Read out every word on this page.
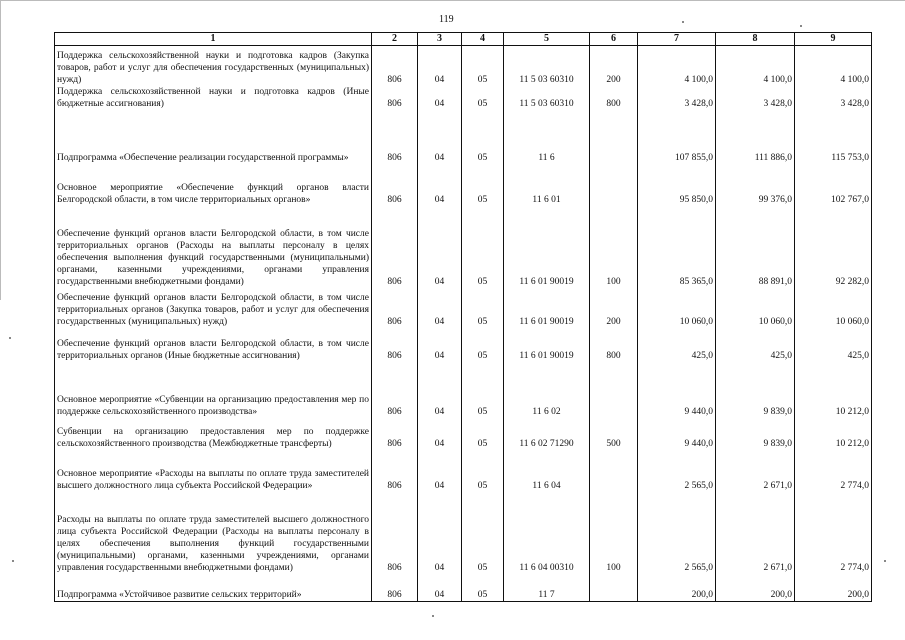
119
1	2	3	4	5	6	7	8	9
Поддержка сельскохозяйственной науки и подготовка кадров (Закупка товаров, работ и услуг для обеспечения государственных (муниципальных) нужд)	806	04	05	11 5 03 60310	200	4 100,0	4 100,0	4 100,0
Поддержка сельскохозяйственной науки и подготовка кадров (Иные бюджетные ассигнования)	806	04	05	11 5 03 60310	800	3 428,0	3 428,0	3 428,0
Подпрограмма «Обеспечение реализации государственной программы»	806	04	05	11 6		107 855,0	111 886,0	115 753,0
Основное мероприятие «Обеспечение функций органов власти Белгородской области, в том числе территориальных органов»	806	04	05	11 6 01		95 850,0	99 376,0	102 767,0
Обеспечение функций органов власти Белгородской области, в том числе территориальных органов (Расходы на выплаты персоналу в целях обеспечения выполнения функций государственными (муниципальными) органами, казенными учреждениями, органами управления государственными внебюджетными фондами)	806	04	05	11 6 01 90019	100	85 365,0	88 891,0	92 282,0
Обеспечение функций органов власти Белгородской области, в том числе территориальных органов (Закупка товаров, работ и услуг для обеспечения государственных (муниципальных) нужд)	806	04	05	11 6 01 90019	200	10 060,0	10 060,0	10 060,0
Обеспечение функций органов власти Белгородской области, в том числе территориальных органов (Иные бюджетные ассигнования)	806	04	05	11 6 01 90019	800	425,0	425,0	425,0
Основное мероприятие «Субвенции на организацию предоставления мер по поддержке сельскохозяйственного производства»	806	04	05	11 6 02		9 440,0	9 839,0	10 212,0
Субвенции на организацию предоставления мер по поддержке сельскохозяйственного производства (Межбюджетные трансферты)	806	04	05	11 6 02 71290	500	9 440,0	9 839,0	10 212,0
Основное мероприятие «Расходы на выплаты по оплате труда заместителей высшего должностного лица субъекта Российской Федерации»	806	04	05	11 6 04		2 565,0	2 671,0	2 774,0
Расходы на выплаты по оплате труда заместителей высшего должностного лица субъекта Российской Федерации (Расходы на выплаты персоналу в целях обеспечения выполнения функций государственными (муниципальными) органами, казенными учреждениями, органами управления государственными внебюджетными фондами)	806	04	05	11 6 04 00310	100	2 565,0	2 671,0	2 774,0
Подпрограмма «Устойчивое развитие сельских территорий»	806	04	05	11 7		200,0	200,0	200,0
